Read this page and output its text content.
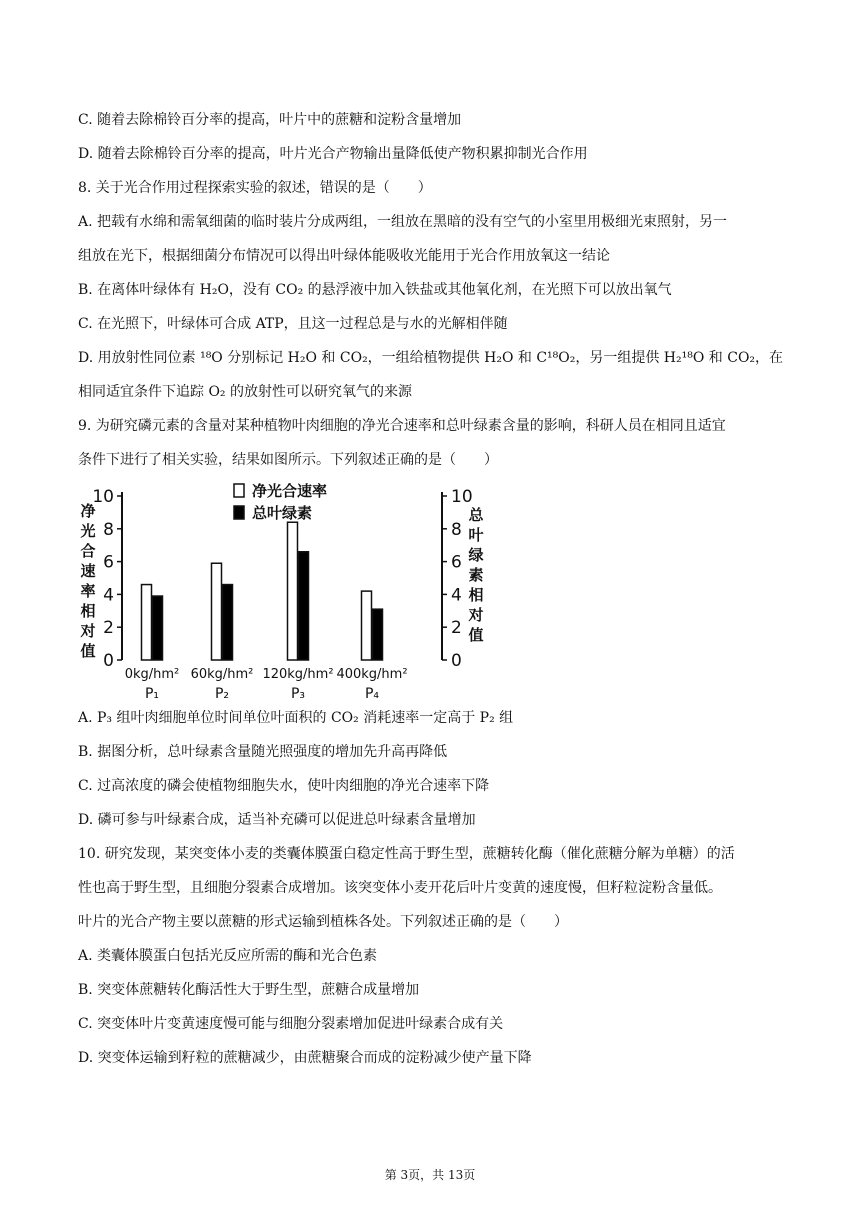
C. 随着去除棉铃百分率的提高，叶片中的蔗糖和淀粉含量增加
D. 随着去除棉铃百分率的提高，叶片光合产物输出量降低使产物积累抑制光合作用
8. 关于光合作用过程探索实验的叙述，错误的是（　　）
A. 把载有水绵和需氧细菌的临时装片分成两组，一组放在黑暗的没有空气的小室里用极细光束照射，另一
组放在光下，根据细菌分布情况可以得出叶绿体能吸收光能用于光合作用放氧这一结论
B. 在离体叶绿体有 H₂O，没有 CO₂ 的悬浮液中加入铁盐或其他氧化剂，在光照下可以放出氧气
C. 在光照下，叶绿体可合成 ATP，且这一过程总是与水的光解相伴随
D. 用放射性同位素 ¹⁸O 分别标记 H₂O 和 CO₂，一组给植物提供 H₂O 和 C¹⁸O₂，另一组提供 H₂¹⁸O 和 CO₂，在
相同适宜条件下追踪 O₂ 的放射性可以研究氧气的来源
9. 为研究磷元素的含量对某种植物叶肉细胞的净光合速率和总叶绿素含量的影响，科研人员在相同且适宜
条件下进行了相关实验，结果如图所示。下列叙述正确的是（　　）
A. P₃ 组叶肉细胞单位时间单位叶面积的 CO₂ 消耗速率一定高于 P₂ 组
B. 据图分析，总叶绿素含量随光照强度的增加先升高再降低
C. 过高浓度的磷会使植物细胞失水，使叶肉细胞的净光合速率下降
D. 磷可参与叶绿素合成，适当补充磷可以促进总叶绿素含量增加
10. 研究发现，某突变体小麦的类囊体膜蛋白稳定性高于野生型，蔗糖转化酶（催化蔗糖分解为单糖）的活
性也高于野生型，且细胞分裂素合成增加。该突变体小麦开花后叶片变黄的速度慢，但籽粒淀粉含量低。
叶片的光合产物主要以蔗糖的形式运输到植株各处。下列叙述正确的是（　　）
A. 类囊体膜蛋白包括光反应所需的酶和光合色素
B. 突变体蔗糖转化酶活性大于野生型，蔗糖合成量增加
C. 突变体叶片变黄速度慢可能与细胞分裂素增加促进叶绿素合成有关
D. 突变体运输到籽粒的蔗糖减少，由蔗糖聚合而成的淀粉减少使产量下降
0	0
2	2
4	4
6	6
8	8
10	10
净
光
合
速
率
相
对
值
总
叶
绿
素
相
对
值
净光合速率
总叶绿素
0kg/hm²
P₁
60kg/hm²
P₂
120kg/hm²
P₃
400kg/hm²
P₄
第 3页，共 13页
